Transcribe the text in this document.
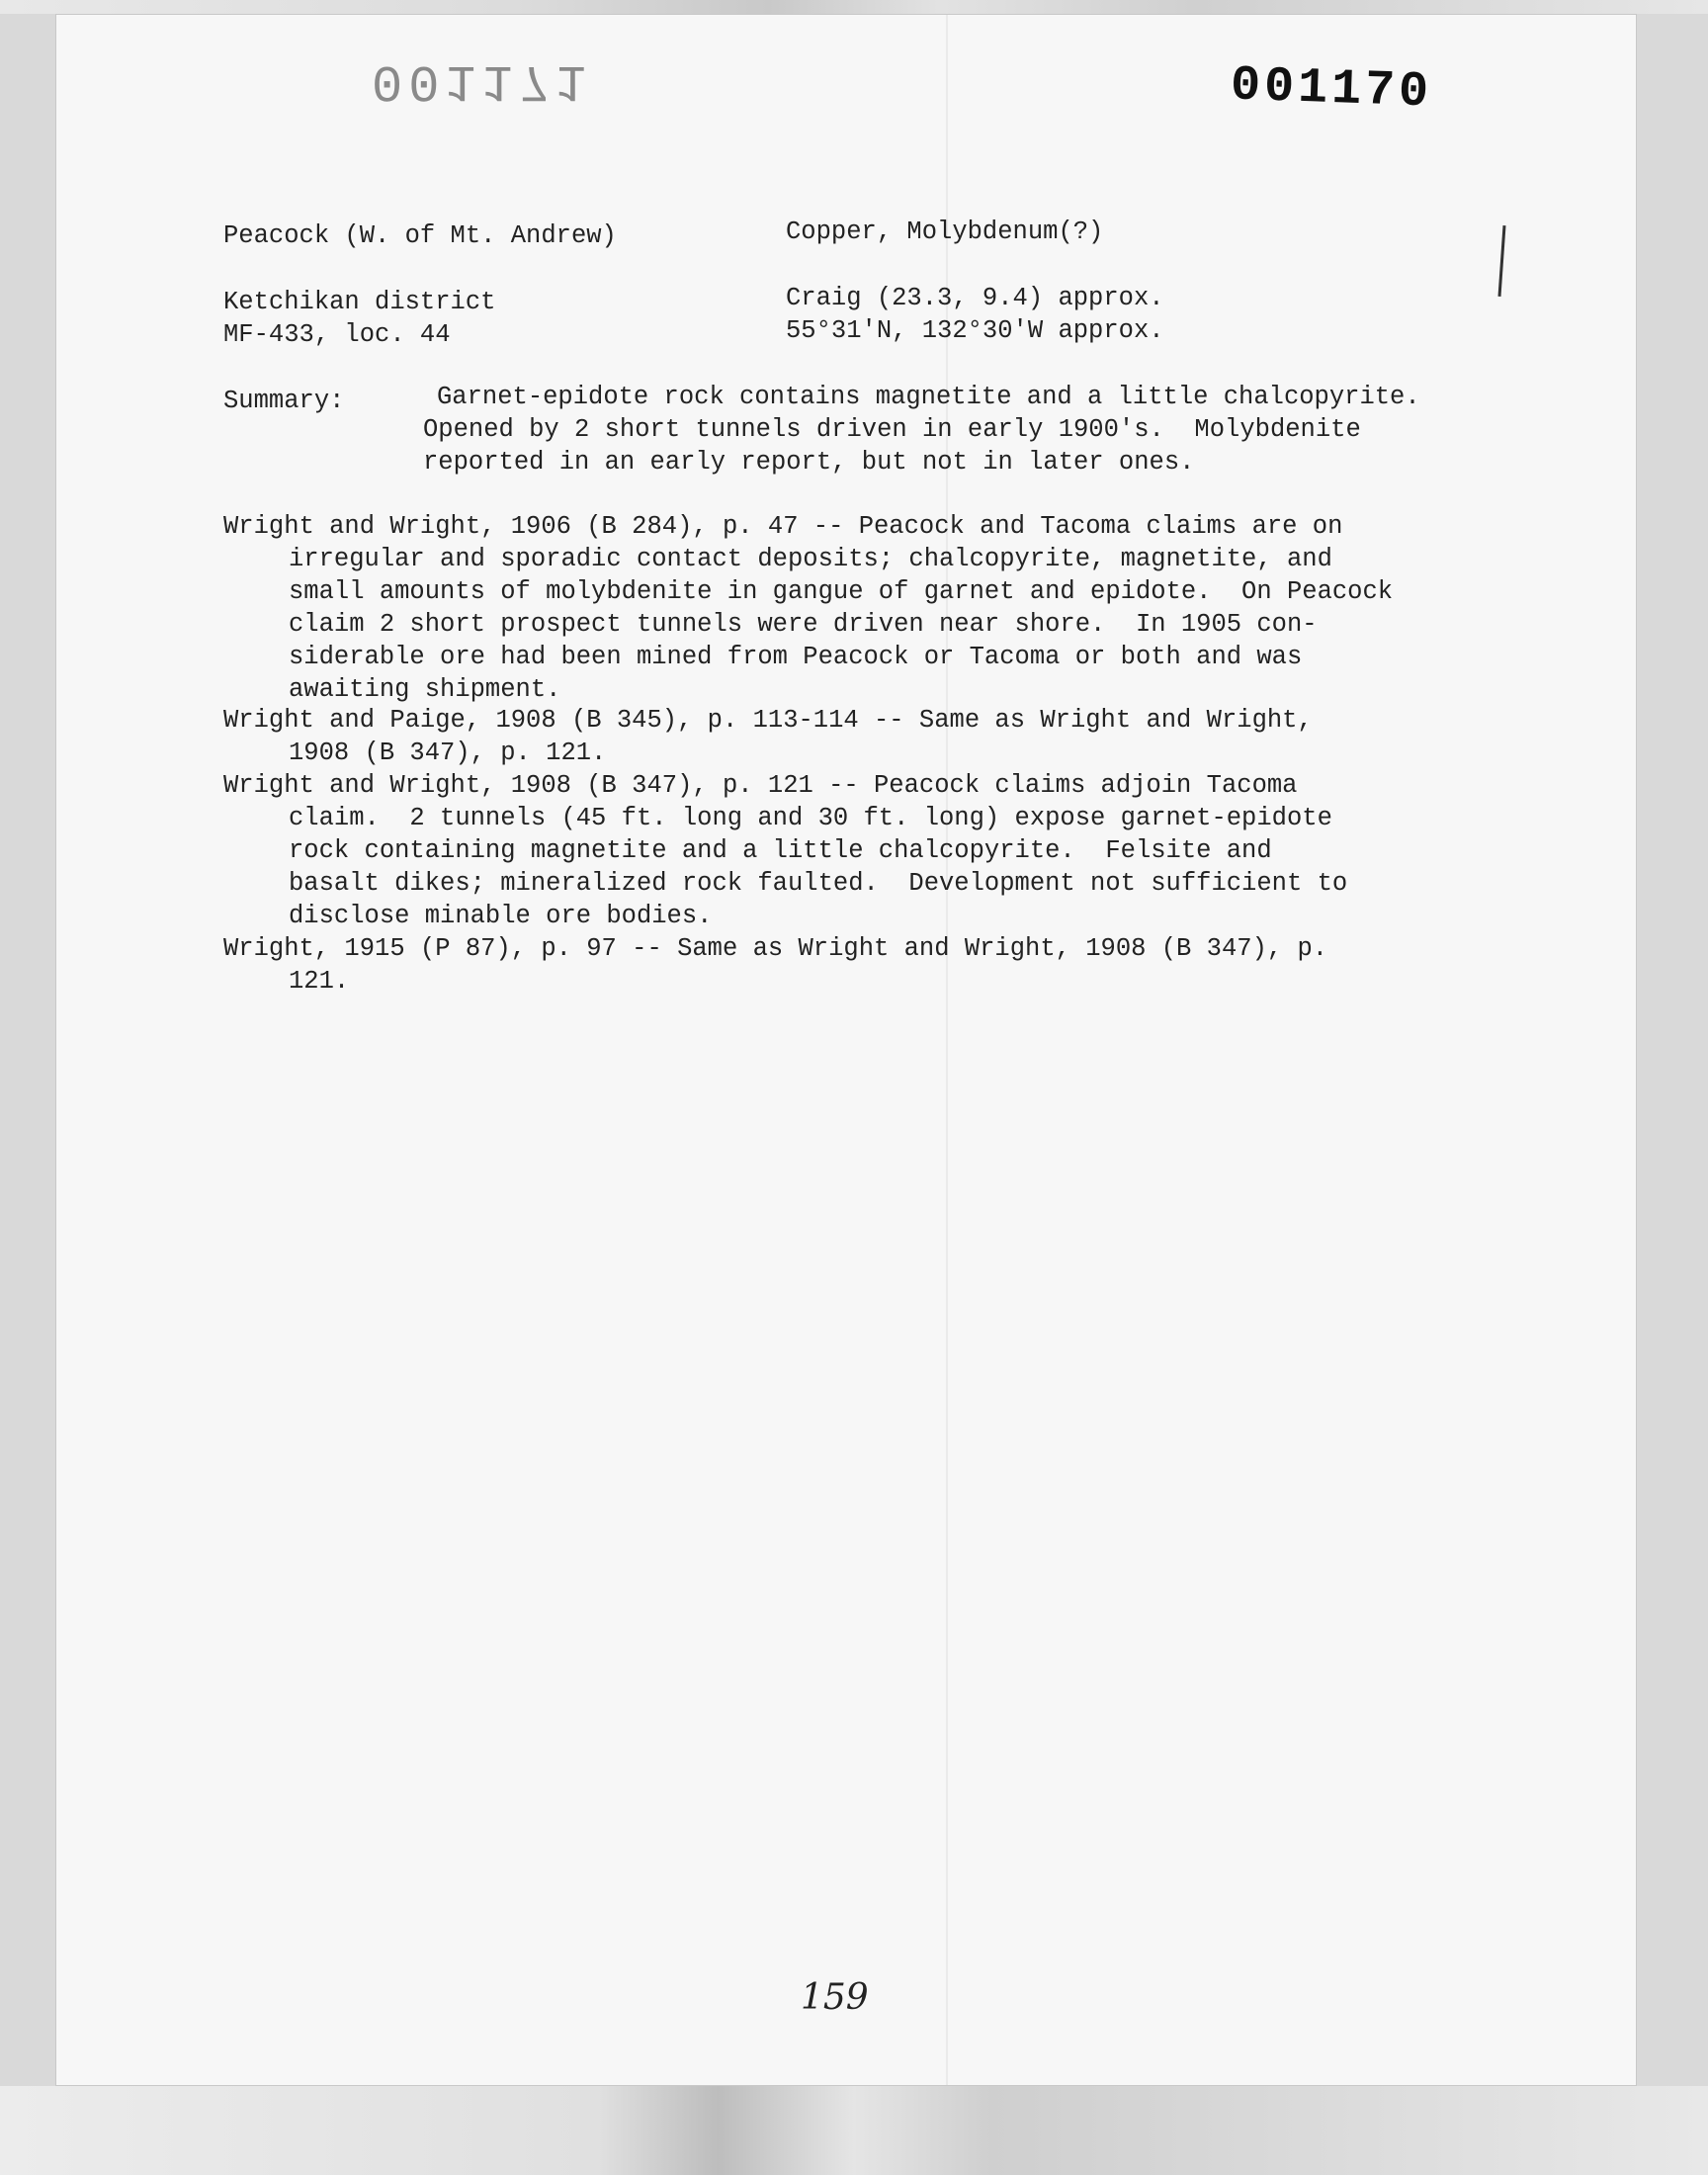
001171	001170
Peacock (W. of Mt. Andrew)	Copper, Molybdenum(?)
Ketchikan district	Craig (23.3, 9.4) approx.
MF-433, loc. 44	55°31'N, 132°30'W approx.
Summary:	Garnet-epidote rock contains magnetite and a little chalcopyrite.
Opened by 2 short tunnels driven in early 1900's.  Molybdenite
reported in an early report, but not in later ones.
Wright and Wright, 1906 (B 284), p. 47 -- Peacock and Tacoma claims are on
irregular and sporadic contact deposits; chalcopyrite, magnetite, and
small amounts of molybdenite in gangue of garnet and epidote.  On Peacock
claim 2 short prospect tunnels were driven near shore.  In 1905 con-
siderable ore had been mined from Peacock or Tacoma or both and was
awaiting shipment.
Wright and Paige, 1908 (B 345), p. 113-114 -- Same as Wright and Wright,
1908 (B 347), p. 121.
Wright and Wright, 1908 (B 347), p. 121 -- Peacock claims adjoin Tacoma
claim.  2 tunnels (45 ft. long and 30 ft. long) expose garnet-epidote
rock containing magnetite and a little chalcopyrite.  Felsite and
basalt dikes; mineralized rock faulted.  Development not sufficient to
disclose minable ore bodies.
Wright, 1915 (P 87), p. 97 -- Same as Wright and Wright, 1908 (B 347), p.
121.
159
